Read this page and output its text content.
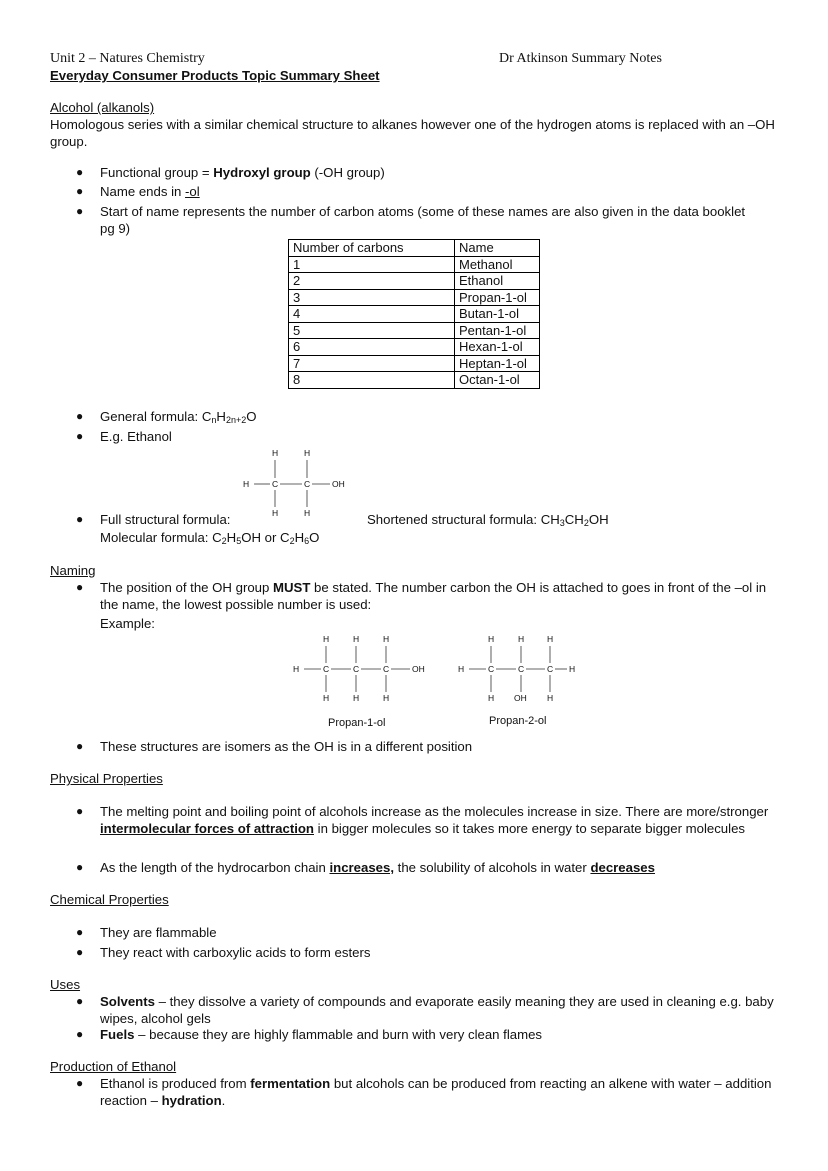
Unit 2 – Natures Chemistry	Dr Atkinson Summary Notes
Everyday Consumer Products Topic Summary Sheet
Alcohol (alkanols)
Homologous series with a similar chemical structure to alkanes however one of the hydrogen atoms is replaced with an –OH group.
● Functional group = Hydroxyl group (-OH group)
● Name ends in -ol
● Start of name represents the number of carbon atoms (some of these names are also given in the data booklet pg 9)
Number of carbons	Name
1	Methanol
2	Ethanol
3	Propan-1-ol
4	Butan-1-ol
5	Pentan-1-ol
6	Hexan-1-ol
7	Heptan-1-ol
8	Octan-1-ol
● General formula: $C_nH_{2n+2}O$
● E.g. Ethanol
H	H
H	C	C	OH
H	H
● Full structural formula:	Shortened structural formula: $CH_3CH_2OH$
Molecular formula: $C_2H_5OH$ or $C_2H_6O$
Naming
● The position of the OH group MUST be stated. The number carbon the OH is attached to goes in front of the –ol in the name, the lowest possible number is used:
Example:
H	H	H
H	C	C	C	OH
H	H	H
Propan-1-ol
H	H	H
H	C	C	C H
H OH H
Propan-2-ol
● These structures are isomers as the OH is in a different position
Physical Properties
● The melting point and boiling point of alcohols increase as the molecules increase in size. There are more/stronger intermolecular forces of attraction in bigger molecules so it takes more energy to separate bigger molecules
● As the length of the hydrocarbon chain increases, the solubility of alcohols in water decreases
Chemical Properties
● They are flammable
● They react with carboxylic acids to form esters
Uses
● Solvents – they dissolve a variety of compounds and evaporate easily meaning they are used in cleaning e.g. baby wipes, alcohol gels
● Fuels – because they are highly flammable and burn with very clean flames
Production of Ethanol
● Ethanol is produced from fermentation but alcohols can be produced from reacting an alkene with water – addition reaction – hydration.
